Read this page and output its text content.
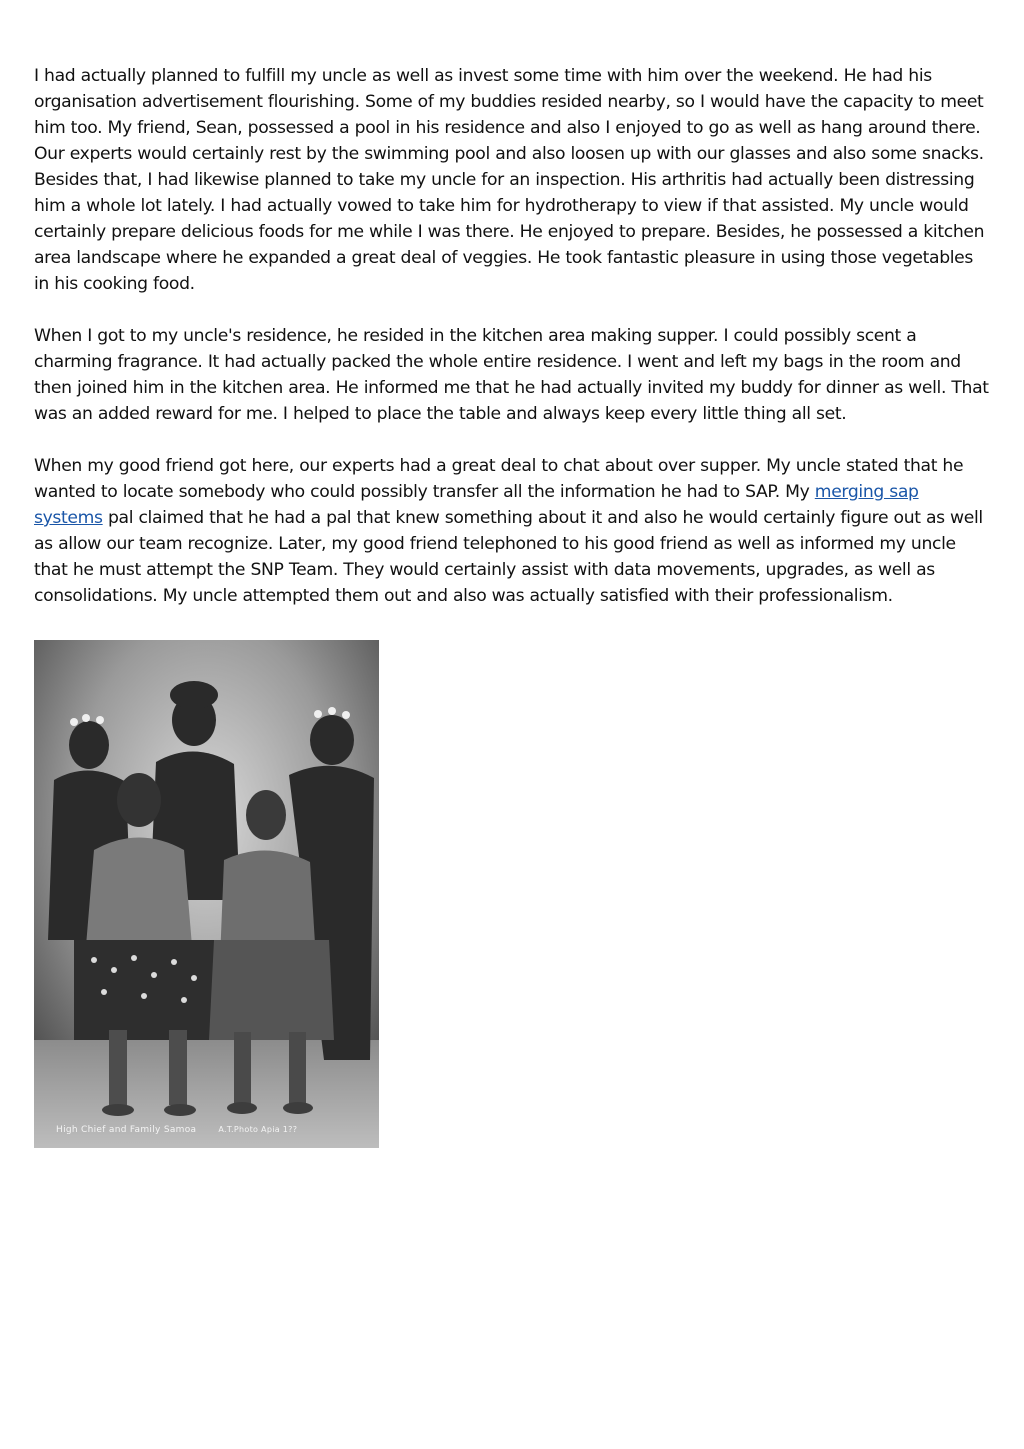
I had actually planned to fulfill my uncle as well as invest some time with him over the weekend. He had his organisation advertisement flourishing. Some of my buddies resided nearby, so I would have the capacity to meet him too. My friend, Sean, possessed a pool in his residence and also I enjoyed to go as well as hang around there. Our experts would certainly rest by the swimming pool and also loosen up with our glasses and also some snacks. Besides that, I had likewise planned to take my uncle for an inspection. His arthritis had actually been distressing him a whole lot lately. I had actually vowed to take him for hydrotherapy to view if that assisted. My uncle would certainly prepare delicious foods for me while I was there. He enjoyed to prepare. Besides, he possessed a kitchen area landscape where he expanded a great deal of veggies. He took fantastic pleasure in using those vegetables in his cooking food.

When I got to my uncle's residence, he resided in the kitchen area making supper. I could possibly scent a charming fragrance. It had actually packed the whole entire residence. I went and left my bags in the room and then joined him in the kitchen area. He informed me that he had actually invited my buddy for dinner as well. That was an added reward for me. I helped to place the table and always keep every little thing all set.

When my good friend got here, our experts had a great deal to chat about over supper. My uncle stated that he wanted to locate somebody who could possibly transfer all the information he had to SAP. My merging sap systems pal claimed that he had a pal that knew something about it and also he would certainly figure out as well as allow our team recognize. Later, my good friend telephoned to his good friend as well as informed my uncle that he must attempt the SNP Team. They would certainly assist with data movements, upgrades, as well as consolidations. My uncle attempted them out and also was actually satisfied with their professionalism.

High Chief and Family Samoa	A.T.Photo Apia 1??
